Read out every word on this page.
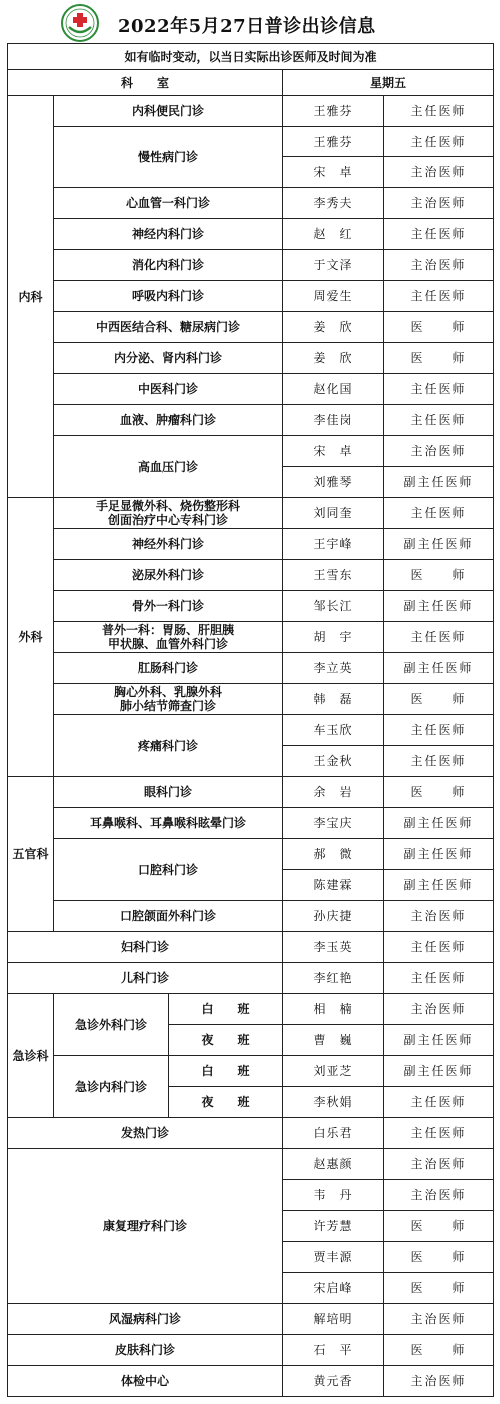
2022年5月27日普诊出诊信息
如有临时变动，以当日实际出诊医师及时间为准				
科　　室			星期五	
内科	内科便民门诊		王雅芬	主任医师
	慢性病门诊		王雅芬	主任医师
			宋　卓	主治医师
	心血管一科门诊		李秀夫	主治医师
	神经内科门诊		赵　红	主任医师
	消化内科门诊		于文泽	主治医师
	呼吸内科门诊		周爱生	主任医师
	中西医结合科、糖尿病门诊		姜　欣	医　　师
	内分泌、肾内科门诊		姜　欣	医　　师
	中医科门诊		赵化国	主任医师
	血液、肿瘤科门诊		李佳岗	主任医师
	高血压门诊		宋　卓	主治医师
			刘雅琴	副主任医师
外科	手足显微外科、烧伤整形科
创面治疗中心专科门诊		刘同奎	主任医师
	神经外科门诊		王宇峰	副主任医师
	泌尿外科门诊		王雪东	医　　师
	骨外一科门诊		邹长江	副主任医师

	普外一科：胃肠、肝胆胰
甲状腺、血管外科门诊		胡　宇	主任医师
	肛肠科门诊		李立英	副主任医师

	胸心外科、乳腺外科
肺小结节筛查门诊		韩　磊	医　　师
	疼痛科门诊		车玉欣	主任医师
			王金秋	主任医师
五官科	眼科门诊		余　岩	医　　师
	耳鼻喉科、耳鼻喉科眩晕门诊		李宝庆	副主任医师
	口腔科门诊		郝　微	副主任医师
			陈建霖	副主任医师
	口腔颌面外科门诊		孙庆捷	主治医师
妇科门诊			李玉英	主任医师
儿科门诊			李红艳	主任医师
急诊科	急诊外科门诊	白　　班	相　楠	主治医师
		夜　　班	曹　巍	副主任医师
	急诊内科门诊	白　　班	刘亚芝	副主任医师
		夜　　班	李秋娟	主任医师
发热门诊			白乐君	主任医师
康复理疗科门诊			赵惠颜	主治医师
			韦　丹	主治医师
			许芳慧	医　　师
			贾丰源	医　　师
			宋启峰	医　　师
风湿病科门诊			解培明	主治医师
皮肤科门诊			石　平	医　　师
体检中心			黄元香	主治医师
